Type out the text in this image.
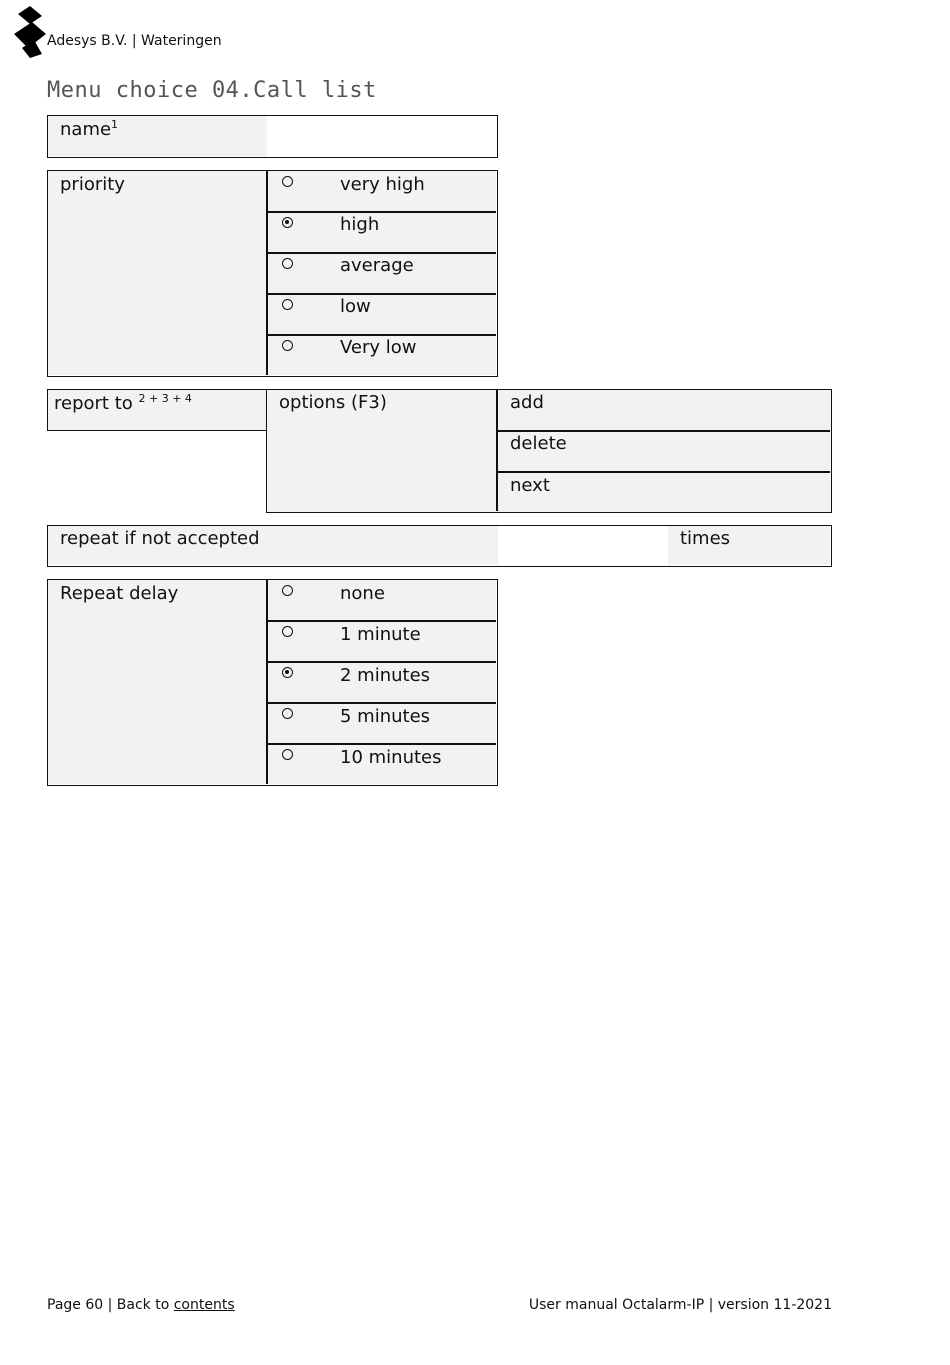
Adesys B.V. | Wateringen
Menu choice 04.Call list
name$^1$
priority	very high
high
average
low
Very low
report to $^{2 + 3 + 4}$	options (F3)	add
delete
next
repeat if not accepted	times
Repeat delay	none
1 minute
2 minutes
5 minutes
10 minutes
Page 60 | Back to contents	User manual Octalarm-IP | version 11-2021
